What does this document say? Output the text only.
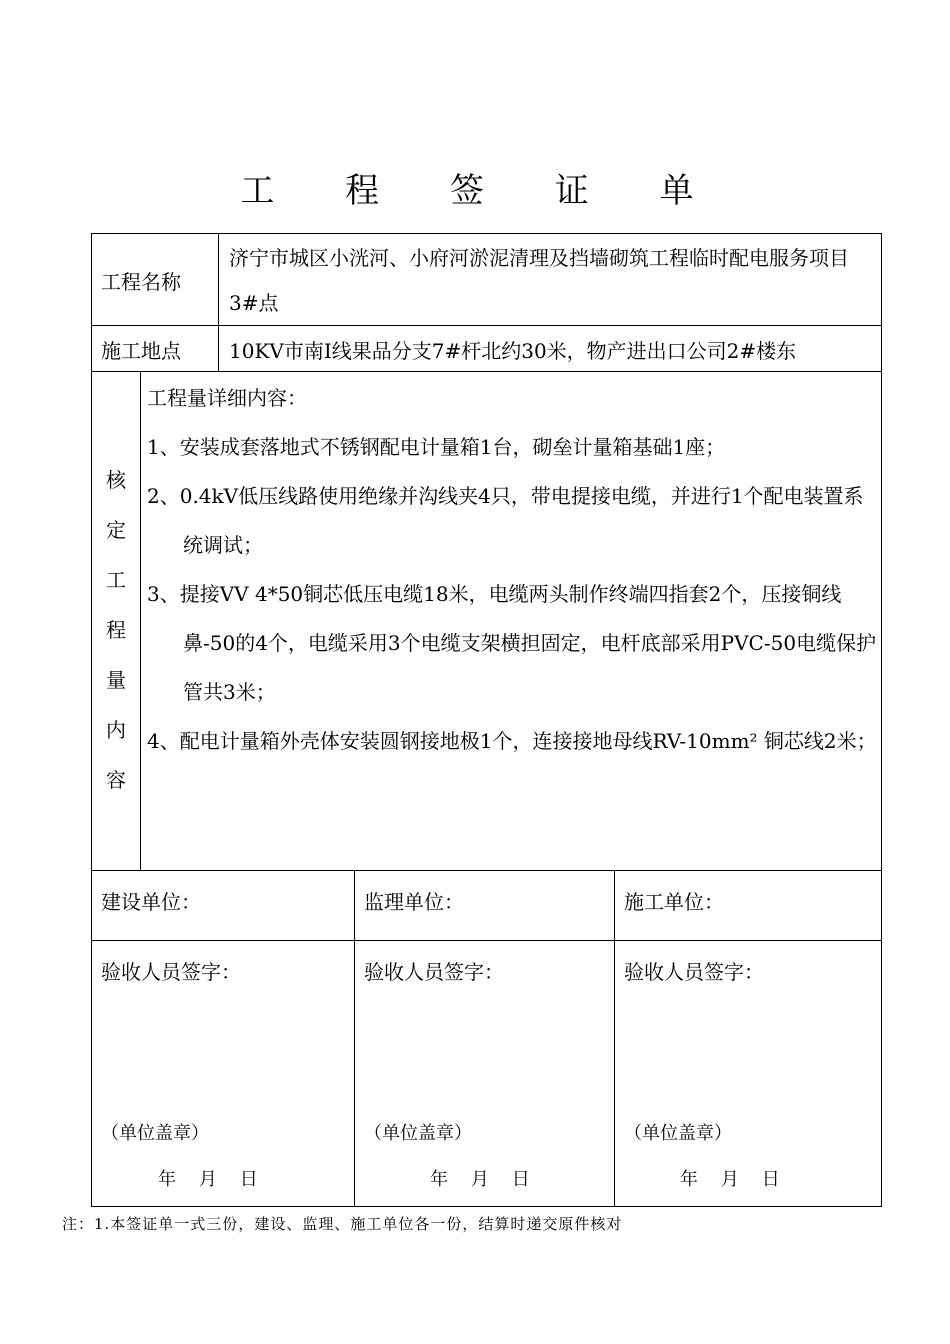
工 程 签 证 单
工程名称
济宁市城区小洸河、小府河淤泥清理及挡墙砌筑工程临时配电服务项目3#点
施工地点 10KV市南Ⅰ线果品分支7#杆北约30米，物产进出口公司2#楼东
核
定
工
程
量
内
容

工程量详细内容：

1、安装成套落地式不锈钢配电计量箱1台，砌垒计量箱基础1座；

2、0.4kV低压线路使用绝缘并沟线夹4只，带电提接电缆，并进行1个配电装置系统调试；

3、提接VV 4*50铜芯低压电缆18米，电缆两头制作终端四指套2个，压接铜线鼻-50的4个，电缆采用3个电缆支架横担固定，电杆底部采用PVC-50电缆保护管共3米；

4、配电计量箱外壳体安装圆钢接地极1个，连接接地母线RV-10mm² 铜芯线2米；

建设单位：	监理单位：	施工单位：
验收人员签字：	验收人员签字：	验收人员签字：
（单位盖章）	（单位盖章）	（单位盖章）
年    月    日	年    月    日	年    月    日
注：1.本签证单一式三份，建设、监理、施工单位各一份，结算时递交原件核对
